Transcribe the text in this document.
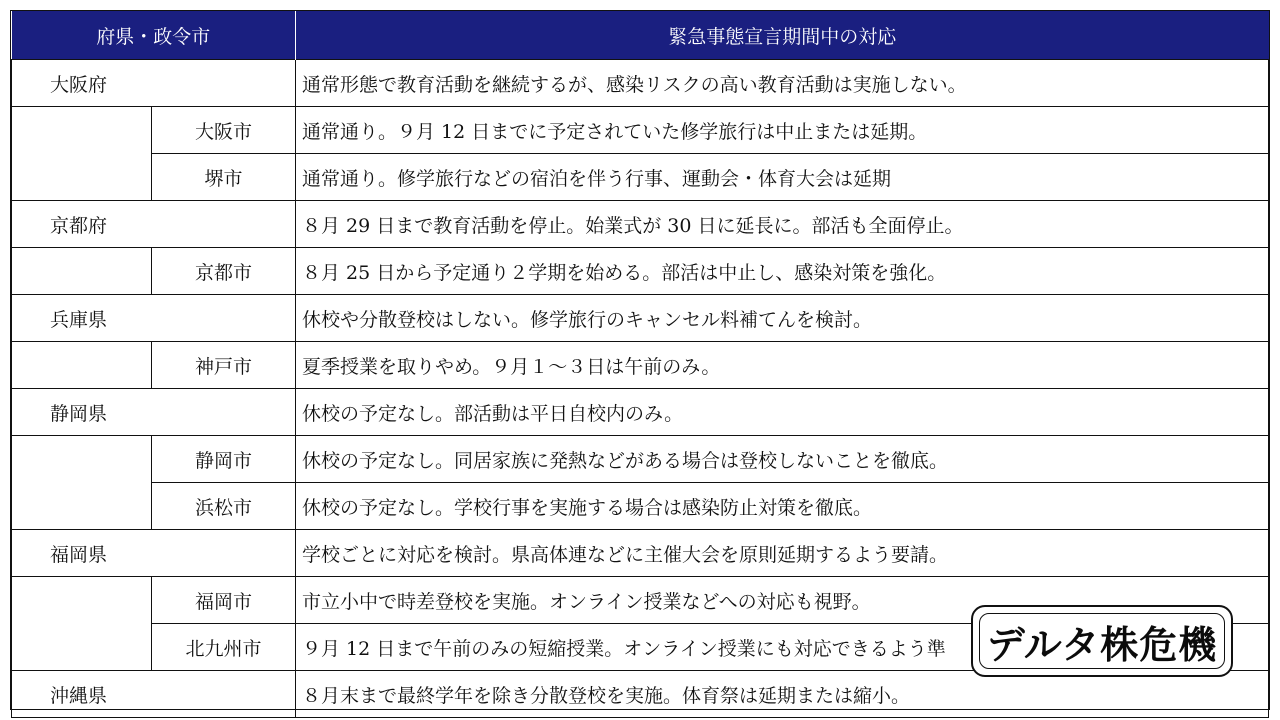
府県・政令市		緊急事態宣言期間中の対応
大阪府		通常形態で教育活動を継続するが、感染リスクの高い教育活動は実施しない。
	大阪市	通常通り。９月 12 日までに予定されていた修学旅行は中止または延期。
	堺市	通常通り。修学旅行などの宿泊を伴う行事、運動会・体育大会は延期
京都府		８月 29 日まで教育活動を停止。始業式が 30 日に延長に。部活も全面停止。
	京都市	８月 25 日から予定通り２学期を始める。部活は中止し、感染対策を強化。
兵庫県		休校や分散登校はしない。修学旅行のキャンセル料補てんを検討。
	神戸市	夏季授業を取りやめ。９月１～３日は午前のみ。
静岡県		休校の予定なし。部活動は平日自校内のみ。
	静岡市	休校の予定なし。同居家族に発熱などがある場合は登校しないことを徹底。
	浜松市	休校の予定なし。学校行事を実施する場合は感染防止対策を徹底。
福岡県		学校ごとに対応を検討。県高体連などに主催大会を原則延期するよう要請。
	福岡市	市立小中で時差登校を実施。オンライン授業などへの対応も視野。
	北九州市	９月 12 日まで午前のみの短縮授業。オンライン授業にも対応できるよう準
沖縄県		８月末まで最終学年を除き分散登校を実施。体育祭は延期または縮小。
デルタ株危機
